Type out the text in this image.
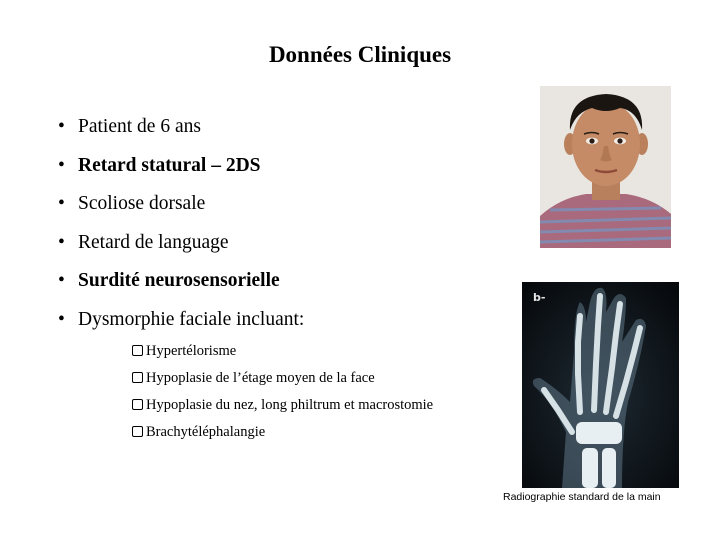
Données Cliniques
• Patient de 6 ans
• Retard statural – 2DS
• Scoliose dorsale
• Retard de language
• Surdité neurosensorielle
• Dysmorphie faciale incluant:
Hypertélorisme
Hypoplasie de l’étage moyen de la face
Hypoplasie du nez, long philtrum et macrostomie
Brachytéléphalangie
b-
Radiographie standard de la main
